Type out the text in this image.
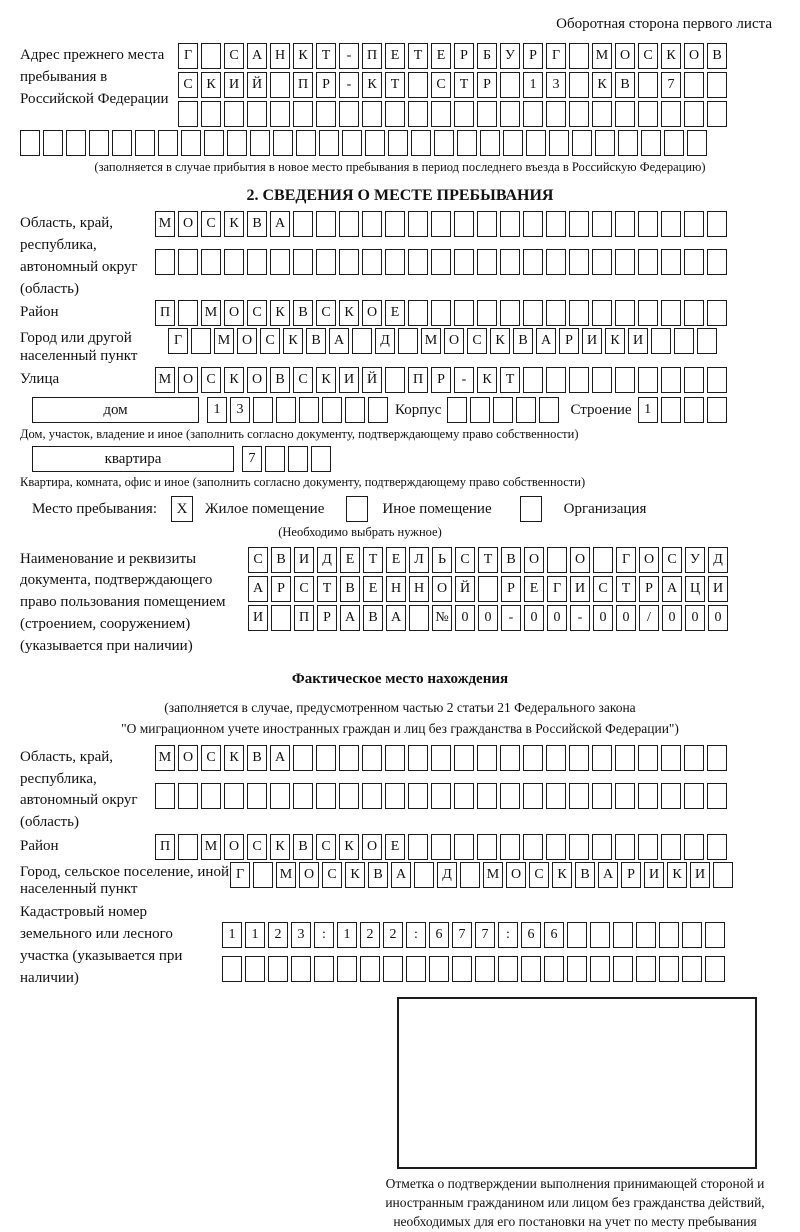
Оборотная сторона первого листа
Адрес прежнего места пребывания в Российской Федерации
Г	С А Н К	Т	-	П Е	Т	Е	Р	Б	У	Р	Г	М О С К О В
С К И Й	П	Р	-	К	Т	С	Т	Р	1	3	К В	7
(заполняется в случае прибытия в новое место пребывания в период последнего въезда в Российскую Федерацию)
2. СВЕДЕНИЯ О МЕСТЕ ПРЕБЫВАНИЯ
Область, край, республика, автономный округ (область)
М О С К В А
Район	П	М О С К В С К О Е
Город или другой населенный пункт
Г	М О С К В А	Д	М О С К В А	Р	И К И
Улица	М О С К О В С К И Й	П	Р	-	К	Т
дом	1	3	Корпус	Строение 1
Дом, участок, владение и иное (заполнить согласно документу, подтверждающему право собственности)
квартира	7
Квартира, комната, офис и иное (заполнить согласно документу, подтверждающему право собственности)
Место пребывания:	X	Жилое помещение	Иное помещение	Организация
(Необходимо выбрать нужное)
Наименование и реквизиты документа, подтверждающего право пользования помещением (строением, сооружением) (указывается при наличии)
С В И Д Е	Т	Е Л	Ь	С	Т	В О	О	Г О С У Д
А	Р	С	Т	В	Е Н Н О Й	Р	Е	Г И С	Т	Р	А Ц И
И	П	Р	А В А	№ 0	0	-	0	0	-	0	0	/	0	0	0
Фактическое место нахождения
(заполняется в случае, предусмотренном частью 2 статьи 21 Федерального закона
"О миграционном учете иностранных граждан и лиц без гражданства в Российской Федерации")
Область, край, республика, автономный округ (область)
М О С К В А
Район	П	М О С К В С К О Е
Город, сельское поселение, иной населенный пункт
Г	М О С К В А	Д	М О С К В А	Р	И К И
Кадастровый номер земельного или лесного участка (указывается при наличии)
1	1	2	3	:	1	2	2	:	6	7	7	:	6	6
Отметка о подтверждении выполнения принимающей стороной и иностранным гражданином или лицом без гражданства действий, необходимых для его постановки на учет по месту пребывания
